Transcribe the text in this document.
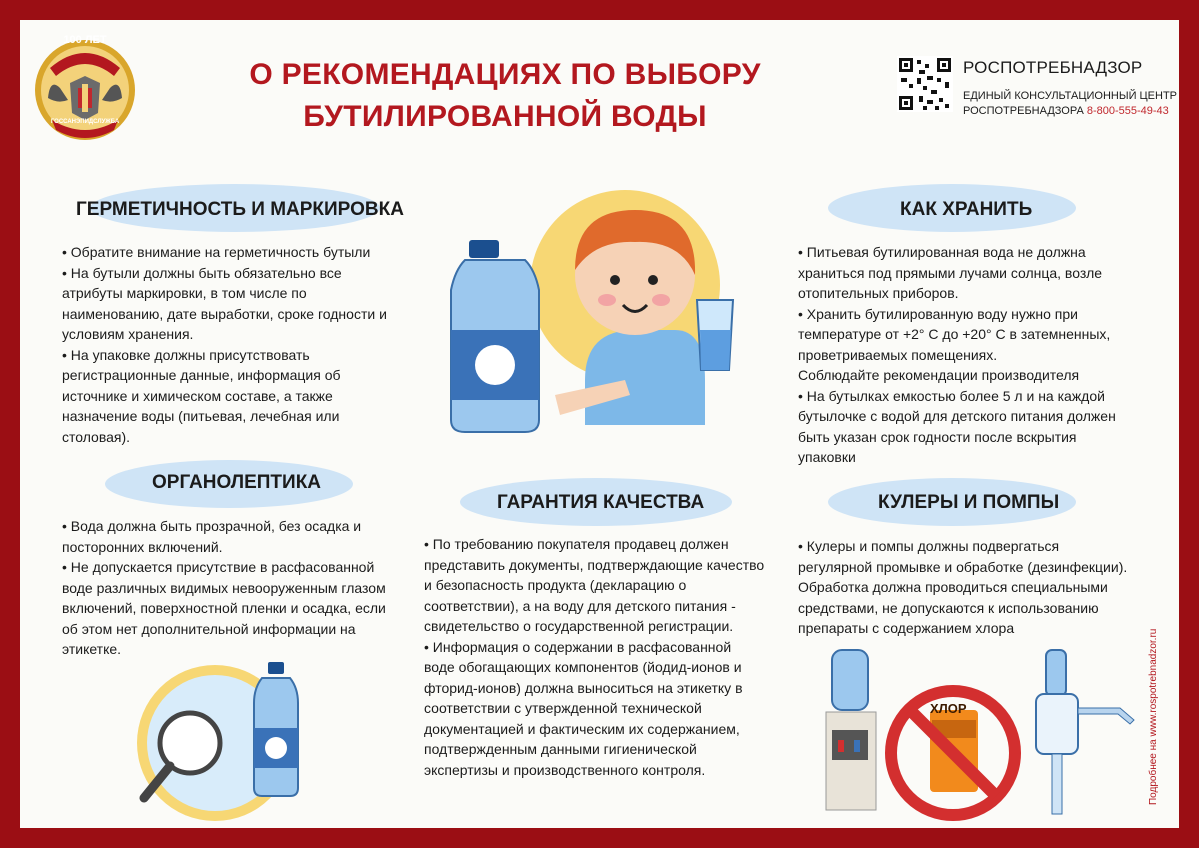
100 ЛЕТ
ГОССАНЭПИДСЛУЖБА
О РЕКОМЕНДАЦИЯХ ПО ВЫБОРУ
БУТИЛИРОВАННОЙ ВОДЫ
РОСПОТРЕБНАДЗОР
ЕДИНЫЙ КОНСУЛЬТАЦИОННЫЙ ЦЕНТР
РОСПОТРЕБНАДЗОРА 8-800-555-49-43
ГЕРМЕТИЧНОСТЬ И МАРКИРОВКА
• Обратите внимание на герметичность бутыли
• На бутыли должны быть обязательно все
атрибуты маркировки, в том числе по
наименованию, дате выработки, сроке годности и
условиям хранения.
• На упаковке должны присутствовать
регистрационные данные, информация об
источнике и химическом составе, а также
назначение воды (питьевая, лечебная или
столовая).
ОРГАНОЛЕПТИКА
• Вода должна быть прозрачной, без осадка и
посторонних включений.
• Не допускается присутствие в расфасованной
воде различных видимых невооруженным глазом
включений, поверхностной пленки и осадка, если
об этом нет дополнительной информации на
этикетке.
ГАРАНТИЯ КАЧЕСТВА
• По требованию покупателя продавец должен
представить документы, подтверждающие качество
и безопасность продукта (декларацию о
соответствии), а на воду для детского питания -
свидетельство о государственной регистрации.
• Информация о содержании в расфасованной
воде обогащающих компонентов (йодид-ионов и
фторид-ионов) должна выноситься на этикетку в
соответствии с утвержденной технической
документацией и фактическим их содержанием,
подтвержденным данными гигиенической
экспертизы и производственного контроля.
КАК ХРАНИТЬ
• Питьевая бутилированная вода не должна
храниться под прямыми лучами солнца, возле
отопительных приборов.
• Хранить бутилированную воду нужно при
температуре от +2° С до +20° С в затемненных,
проветриваемых помещениях.
Соблюдайте рекомендации производителя
• На бутылках емкостью более 5 л и на каждой
бутылочке с водой для детского питания должен
быть указан срок годности после вскрытия
упаковки
КУЛЕРЫ И ПОМПЫ
• Кулеры и помпы должны подвергаться
регулярной промывке и обработке (дезинфекции).
Обработка должна проводиться специальными
средствами, не допускаются к использованию
препараты с содержанием хлора
ХЛОР	Подробнее на www.rospotrebnadzor.ru
